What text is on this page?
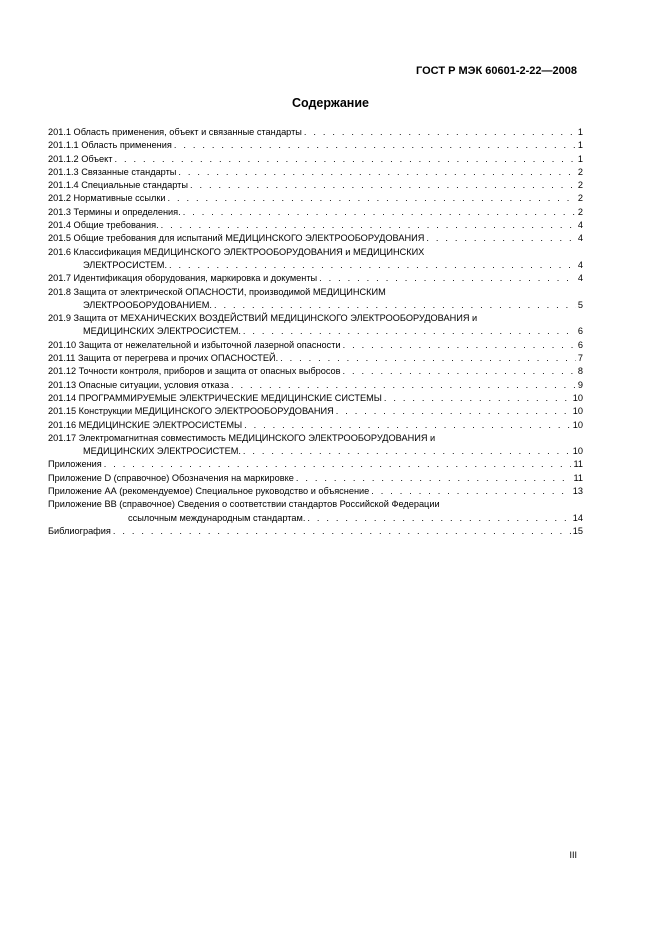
ГОСТ Р МЭК 60601-2-22—2008
Содержание
201.1 Область применения, объект и связанные стандарты . . .	1
201.1.1 Область применения . . .	1
201.1.2 Объект . . .	1
201.1.3 Связанные стандарты . . .	2
201.1.4 Специальные стандарты . . .	2
201.2 Нормативные ссылки . . .	2
201.3 Термины и определения. . . .	2
201.4 Общие требования. . . .	4
201.5 Общие требования для испытаний МЕДИЦИНСКОГО ЭЛЕКТРООБОРУДОВАНИЯ . . .	4
201.6 Классификация МЕДИЦИНСКОГО ЭЛЕКТРООБОРУДОВАНИЯ и МЕДИЦИНСКИХ
ЭЛЕКТРОСИСТЕМ. . . .	4
201.7 Идентификация оборудования, маркировка и документы . . .	4
201.8 Защита от электрической ОПАСНОСТИ, производимой МЕДИЦИНСКИМ
ЭЛЕКТРООБОРУДОВАНИЕМ. . . .	5
201.9 Защита от МЕХАНИЧЕСКИХ ВОЗДЕЙСТВИЙ МЕДИЦИНСКОГО ЭЛЕКТРООБОРУДОВАНИЯ и
МЕДИЦИНСКИХ ЭЛЕКТРОСИСТЕМ. . . .	6
201.10 Защита от нежелательной и избыточной лазерной опасности . . .	6
201.11 Защита от перегрева и прочих ОПАСНОСТЕЙ. . . .	7
201.12 Точности контроля, приборов и защита от опасных выбросов . . .	8
201.13 Опасные ситуации, условия отказа . . .	9
201.14 ПРОГРАММИРУЕМЫЕ ЭЛЕКТРИЧЕСКИЕ МЕДИЦИНСКИЕ СИСТЕМЫ . . .	10
201.15 Конструкции МЕДИЦИНСКОГО ЭЛЕКТРООБОРУДОВАНИЯ . . .	10
201.16 МЕДИЦИНСКИЕ ЭЛЕКТРОСИСТЕМЫ . . .	10
201.17 Электромагнитная совместимость МЕДИЦИНСКОГО ЭЛЕКТРООБОРУДОВАНИЯ и
МЕДИЦИНСКИХ ЭЛЕКТРОСИСТЕМ. . . .	10
Приложения . . .	11
Приложение D (справочное) Обозначения на маркировке . . .	11
Приложение АА (рекомендуемое) Специальное руководство и объяснение . . .	13
Приложение ВВ (справочное) Сведения о соответствии стандартов Российской Федерации
ссылочным международным стандартам. . . .	14
Библиография . . .	15
III
